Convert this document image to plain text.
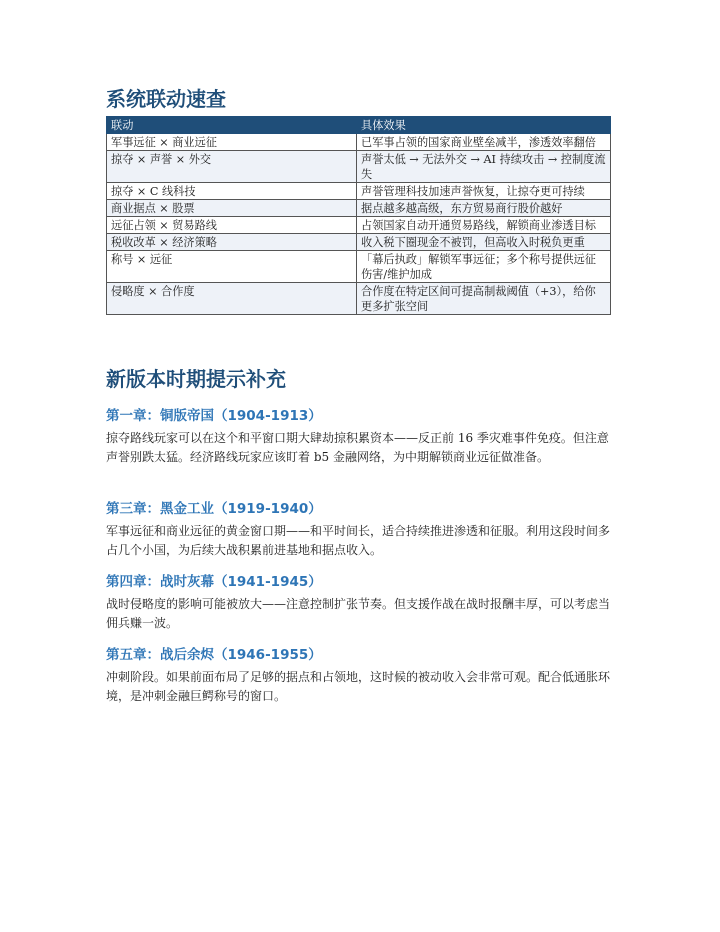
系统联动速查
联动	具体效果
军事远征 × 商业远征	已军事占领的国家商业壁垒减半，渗透效率翻倍
掠夺 × 声誉 × 外交	声誉太低 → 无法外交 → AI 持续攻击 → 控制度流失
掠夺 × C 线科技	声誉管理科技加速声誉恢复，让掠夺更可持续
商业据点 × 股票	据点越多越高级，东方贸易商行股价越好
远征占领 × 贸易路线	占领国家自动开通贸易路线，解锁商业渗透目标
税收改革 × 经济策略	收入税下圈现金不被罚，但高收入时税负更重
称号 × 远征	「幕后执政」解锁军事远征；多个称号提供远征伤害/维护加成
侵略度 × 合作度	合作度在特定区间可提高制裁阈值（+3），给你更多扩张空间
新版本时期提示补充
第一章：铜版帝国（1904-1913）

掠夺路线玩家可以在这个和平窗口期大肆劫掠积累资本——反正前 16 季灾难事件免疫。但注意声誉别跌太猛。经济路线玩家应该盯着 b5 金融网络，为中期解锁商业远征做准备。

第三章：黑金工业（1919-1940）

军事远征和商业远征的黄金窗口期——和平时间长，适合持续推进渗透和征服。利用这段时间多占几个小国，为后续大战积累前进基地和据点收入。

第四章：战时灰幕（1941-1945）

战时侵略度的影响可能被放大——注意控制扩张节奏。但支援作战在战时报酬丰厚，可以考虑当佣兵赚一波。

第五章：战后余烬（1946-1955）

冲刺阶段。如果前面布局了足够的据点和占领地，这时候的被动收入会非常可观。配合低通胀环境，是冲刺金融巨鳄称号的窗口。
